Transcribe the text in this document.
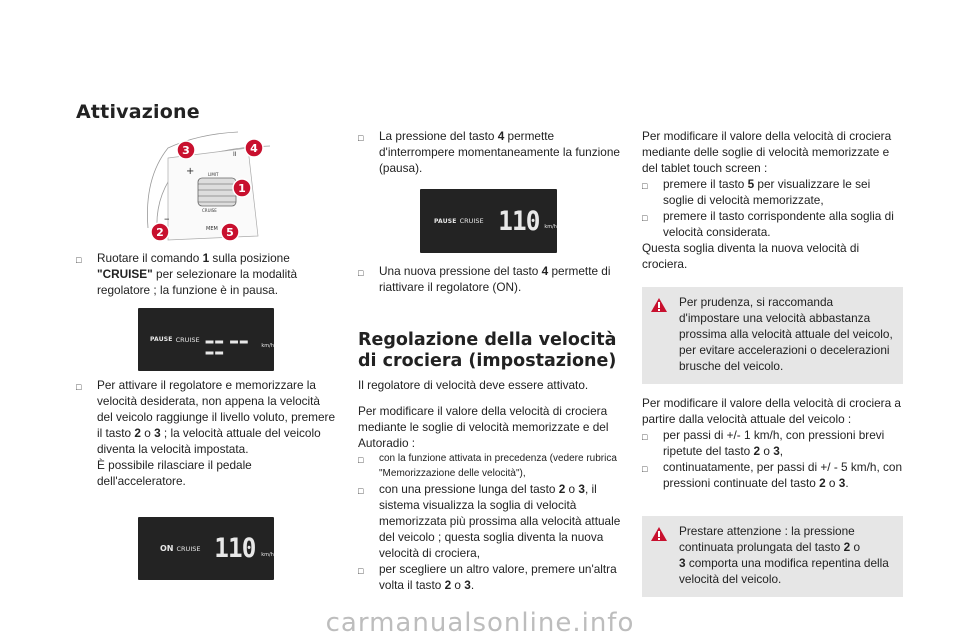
Attivazione
II
+
–
LIMIT
CRUISE
MEM
3	4
1
2	5
□	Ruotare il comando 1 sulla posizione "CRUISE" per selezionare la modalità regolatore ; la funzione è in pausa.
PAUSE CRUISE ▂▂ ▂▂ ▂▂	km/h
□	Per attivare il regolatore e memorizzare la velocità desiderata, non appena la velocità del veicolo raggiunge il livello voluto, premere il tasto 2 o 3 ; la velocità attuale del veicolo diventa la velocità impostata.
È possibile rilasciare il pedale dell'acceleratore.
ON CRUISE 110 km/h
□	La pressione del tasto 4 permette d'interrompere momentaneamente la funzione (pausa).
PAUSE CRUISE 110 km/h
□	Una nuova pressione del tasto 4 permette di riattivare il regolatore (ON).
Regolazione della velocità
di crociera (impostazione)
Il regolatore di velocità deve essere attivato.
Per modificare il valore della velocità di crociera mediante le soglie di velocità memorizzate e del Autoradio :
□	con la funzione attivata in precedenza (vedere rubrica "Memorizzazione delle velocità"),
□	con una pressione lunga del tasto 2 o 3, il sistema visualizza la soglia di velocità memorizzata più prossima alla velocità attuale del veicolo ; questa soglia diventa la nuova velocità di crociera,
□	per scegliere un altro valore, premere un'altra volta il tasto 2 o 3.
Per modificare il valore della velocità di crociera mediante delle soglie di velocità memorizzate e del tablet touch screen :
□	premere il tasto 5 per visualizzare le sei soglie di velocità memorizzate,
□	premere il tasto corrispondente alla soglia di velocità considerata.
Questa soglia diventa la nuova velocità di crociera.
Per prudenza, si raccomanda d'impostare una velocità abbastanza prossima alla velocità attuale del veicolo, per evitare accelerazioni o decelerazioni brusche del veicolo.
Per modificare il valore della velocità di crociera a partire dalla velocità attuale del veicolo :
□	per passi di +/- 1 km/h, con pressioni brevi ripetute del tasto 2 o 3,
□	continuatamente, per passi di +/ - 5 km/h, con pressioni continuate del tasto 2 o 3.
Prestare attenzione : la pressione continuata prolungata del tasto 2 o
3 comporta una modifica repentina della velocità del veicolo.
carmanualsonline.info
